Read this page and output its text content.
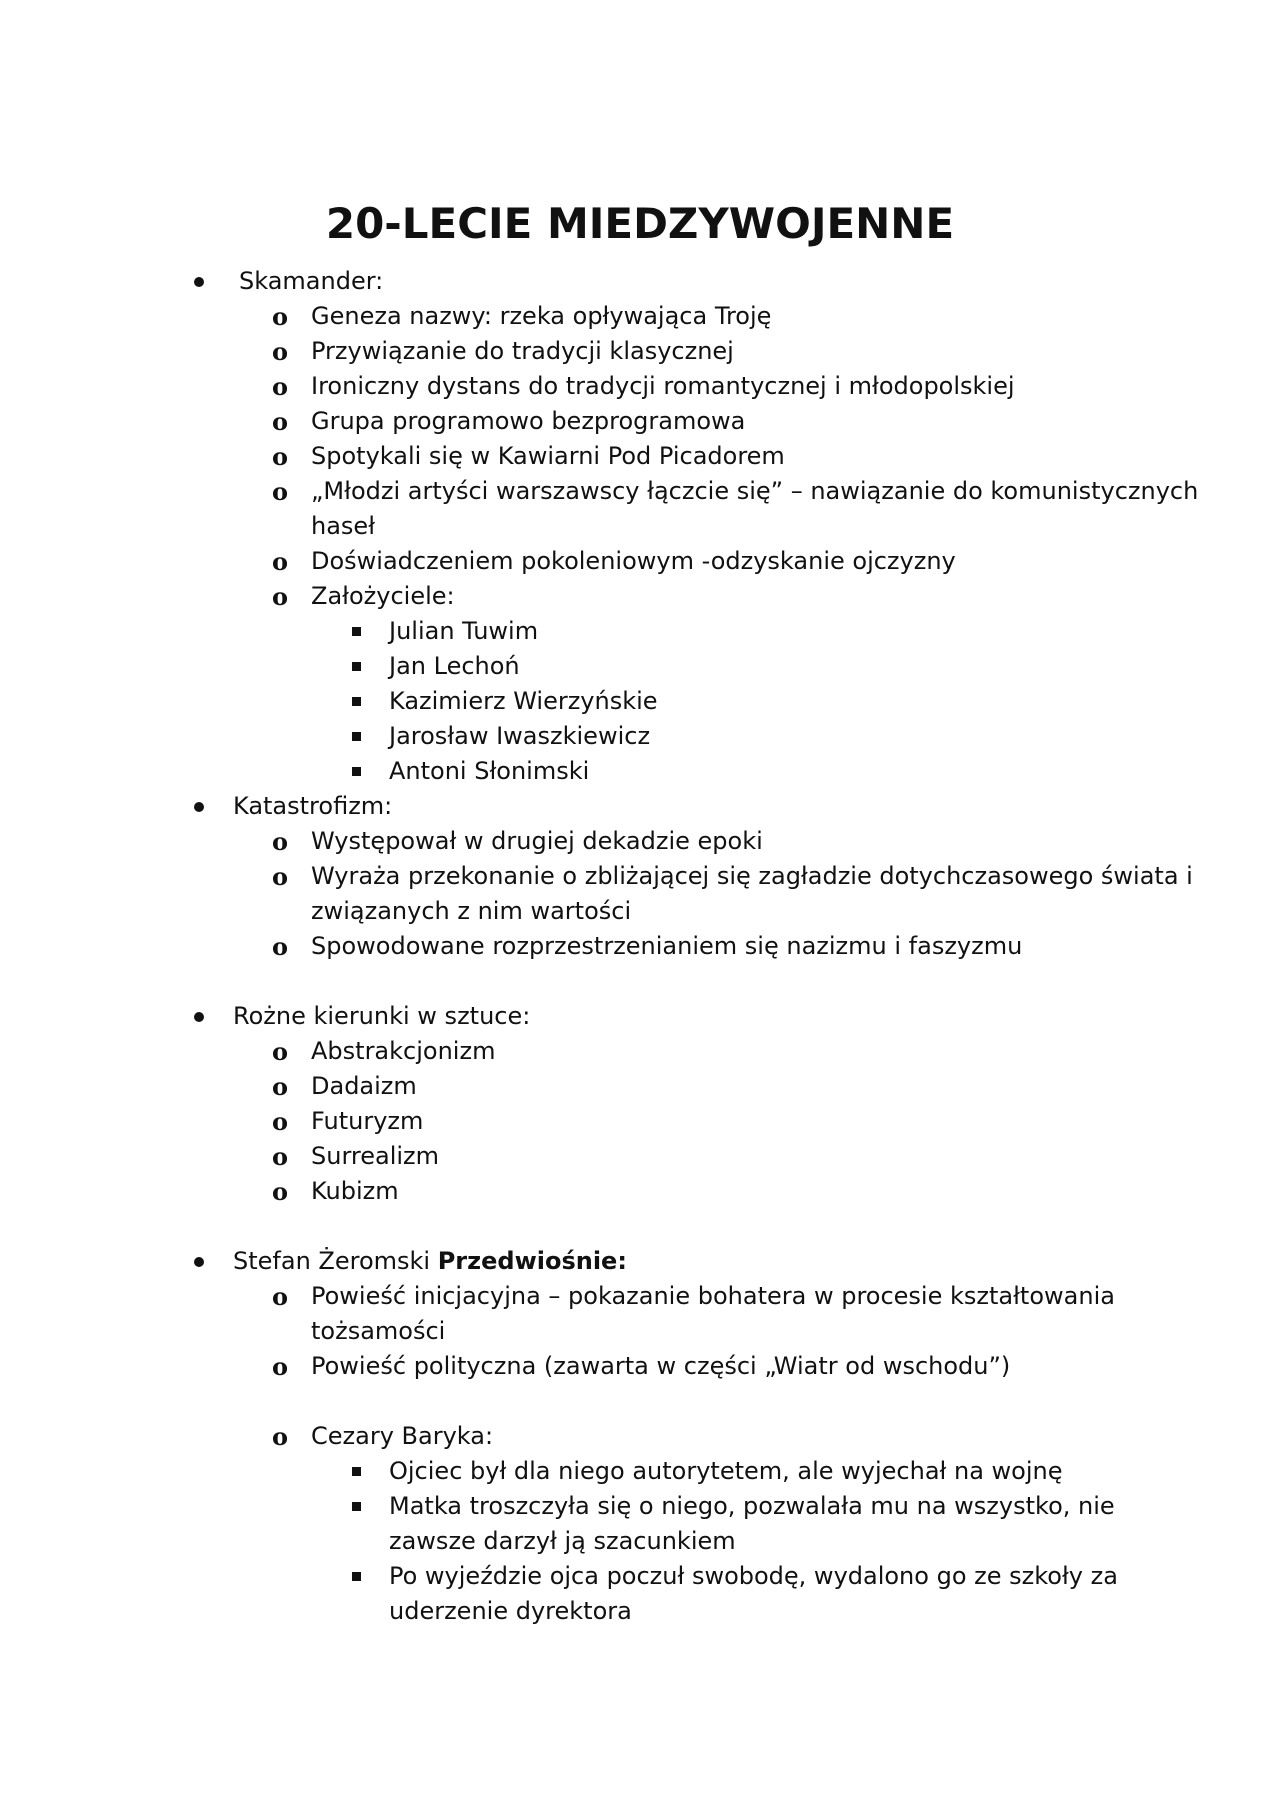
20-LECIE MIEDZYWOJENNE
Skamander:
o Geneza nazwy: rzeka opływająca Troję
o Przywiązanie do tradycji klasycznej
o Ironiczny dystans do tradycji romantycznej i młodopolskiej
o Grupa programowo bezprogramowa
o Spotykali się w Kawiarni Pod Picadorem
o „Młodzi artyści warszawscy łączcie się” – nawiązanie do komunistycznych
haseł
o Doświadczeniem pokoleniowym -odzyskanie ojczyzny
o Założyciele:
Julian Tuwim
Jan Lechoń
Kazimierz Wierzyńskie
Jarosław Iwaszkiewicz
Antoni Słonimski
Katastrofizm:
o Występował w drugiej dekadzie epoki
o Wyraża przekonanie o zbliżającej się zagładzie dotychczasowego świata i
związanych z nim wartości
o Spowodowane rozprzestrzenianiem się nazizmu i faszyzmu
Rożne kierunki w sztuce:
o Abstrakcjonizm
o Dadaizm
o Futuryzm
o Surrealizm
o Kubizm
Stefan Żeromski Przedwiośnie:
o Powieść inicjacyjna – pokazanie bohatera w procesie kształtowania
tożsamości
o Powieść polityczna (zawarta w części „Wiatr od wschodu”)
o Cezary Baryka:
Ojciec był dla niego autorytetem, ale wyjechał na wojnę
Matka troszczyła się o niego, pozwalała mu na wszystko, nie
zawsze darzył ją szacunkiem
Po wyjeździe ojca poczuł swobodę, wydalono go ze szkoły za
uderzenie dyrektora
